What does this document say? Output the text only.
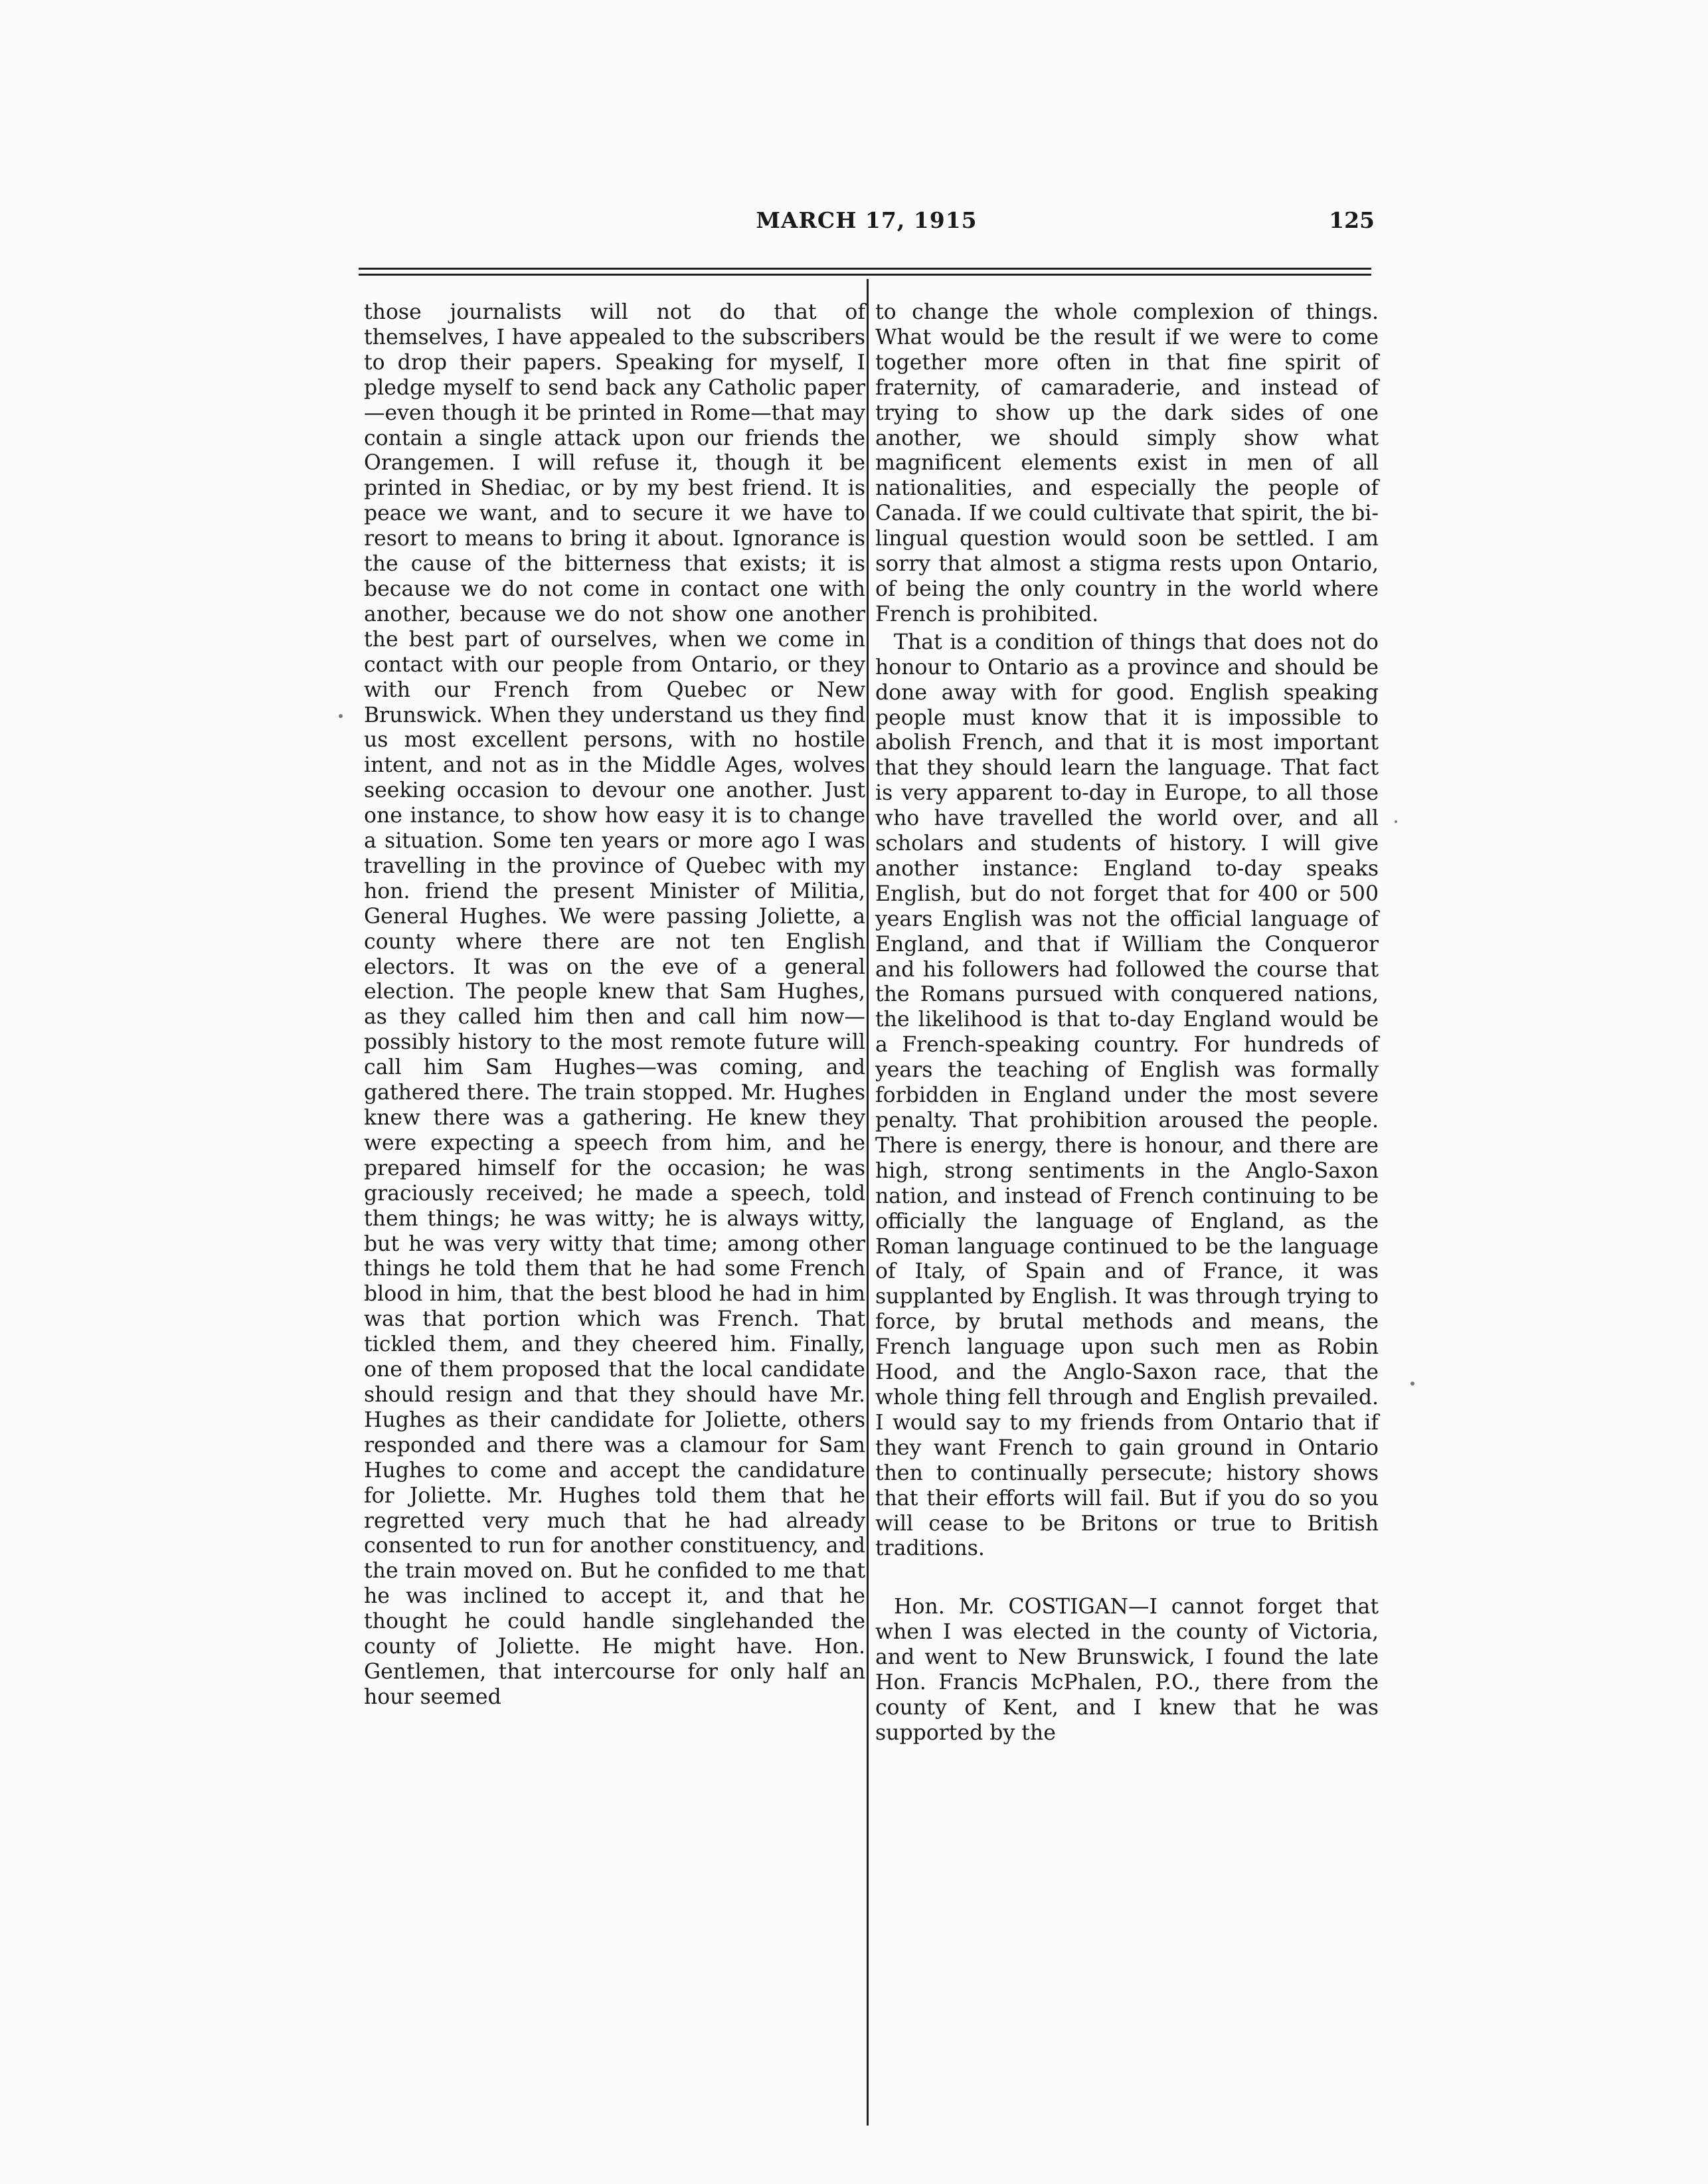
MARCH 17, 1915	125

those journalists will not do that of themselves, I have appealed to the subscribers to drop their papers. Speaking for myself, I pledge myself to send back any Catholic paper—even though it be printed in Rome—that may contain a single attack upon our friends the Orangemen. I will refuse it, though it be printed in Shediac, or by my best friend. It is peace we want, and to secure it we have to resort to means to bring it about. Ignorance is the cause of the bitterness that exists; it is because we do not come in contact one with another, because we do not show one another the best part of ourselves, when we come in contact with our people from Ontario, or they with our French from Quebec or New Brunswick. When they understand us they find us most excellent persons, with no hostile intent, and not as in the Middle Ages, wolves seeking occasion to devour one another. Just one instance, to show how easy it is to change a situation. Some ten years or more ago I was travelling in the province of Quebec with my hon. friend the present Minister of Militia, General Hughes. We were passing Joliette, a county where there are not ten English electors. It was on the eve of a general election. The people knew that Sam Hughes, as they called him then and call him now—possibly history to the most remote future will call him Sam Hughes—was coming, and gathered there. The train stopped. Mr. Hughes knew there was a gathering. He knew they were expecting a speech from him, and he prepared himself for the occasion; he was graciously received; he made a speech, told them things; he was witty; he is always witty, but he was very witty that time; among other things he told them that he had some French blood in him, that the best blood he had in him was that portion which was French. That tickled them, and they cheered him. Finally, one of them proposed that the local candidate should resign and that they should have Mr. Hughes as their candidate for Joliette, others responded and there was a clamour for Sam Hughes to come and accept the candidature for Joliette. Mr. Hughes told them that he regretted very much that he had already consented to run for another constituency, and the train moved on. But he confided to me that he was inclined to accept it, and that he thought he could handle singlehanded the county of Joliette. He might have. Hon. Gentlemen, that intercourse for only half an hour seemed

to change the whole complexion of things. What would be the result if we were to come together more often in that fine spirit of fraternity, of camaraderie, and instead of trying to show up the dark sides of one another, we should simply show what magnificent elements exist in men of all nationalities, and especially the people of Canada. If we could cultivate that spirit, the bi-lingual question would soon be settled. I am sorry that almost a stigma rests upon Ontario, of being the only country in the world where French is prohibited.

That is a condition of things that does not do honour to Ontario as a province and should be done away with for good. English speaking people must know that it is impossible to abolish French, and that it is most important that they should learn the language. That fact is very apparent to-day in Europe, to all those who have travelled the world over, and all scholars and students of history. I will give another instance: England to-day speaks English, but do not forget that for 400 or 500 years English was not the official language of England, and that if William the Conqueror and his followers had followed the course that the Romans pursued with conquered nations, the likelihood is that to-day England would be a French-speaking country. For hundreds of years the teaching of English was formally forbidden in England under the most severe penalty. That prohibition aroused the people. There is energy, there is honour, and there are high, strong sentiments in the Anglo-Saxon nation, and instead of French continuing to be officially the language of England, as the Roman language continued to be the language of Italy, of Spain and of France, it was supplanted by English. It was through trying to force, by brutal methods and means, the French language upon such men as Robin Hood, and the Anglo-Saxon race, that the whole thing fell through and English prevailed. I would say to my friends from Ontario that if they want French to gain ground in Ontario then to continually persecute; history shows that their efforts will fail. But if you do so you will cease to be Britons or true to British traditions.

Hon. Mr. COSTIGAN—I cannot forget that when I was elected in the county of Victoria, and went to New Brunswick, I found the late Hon. Francis McPhalen, P.O., there from the county of Kent, and I knew that he was supported by the
